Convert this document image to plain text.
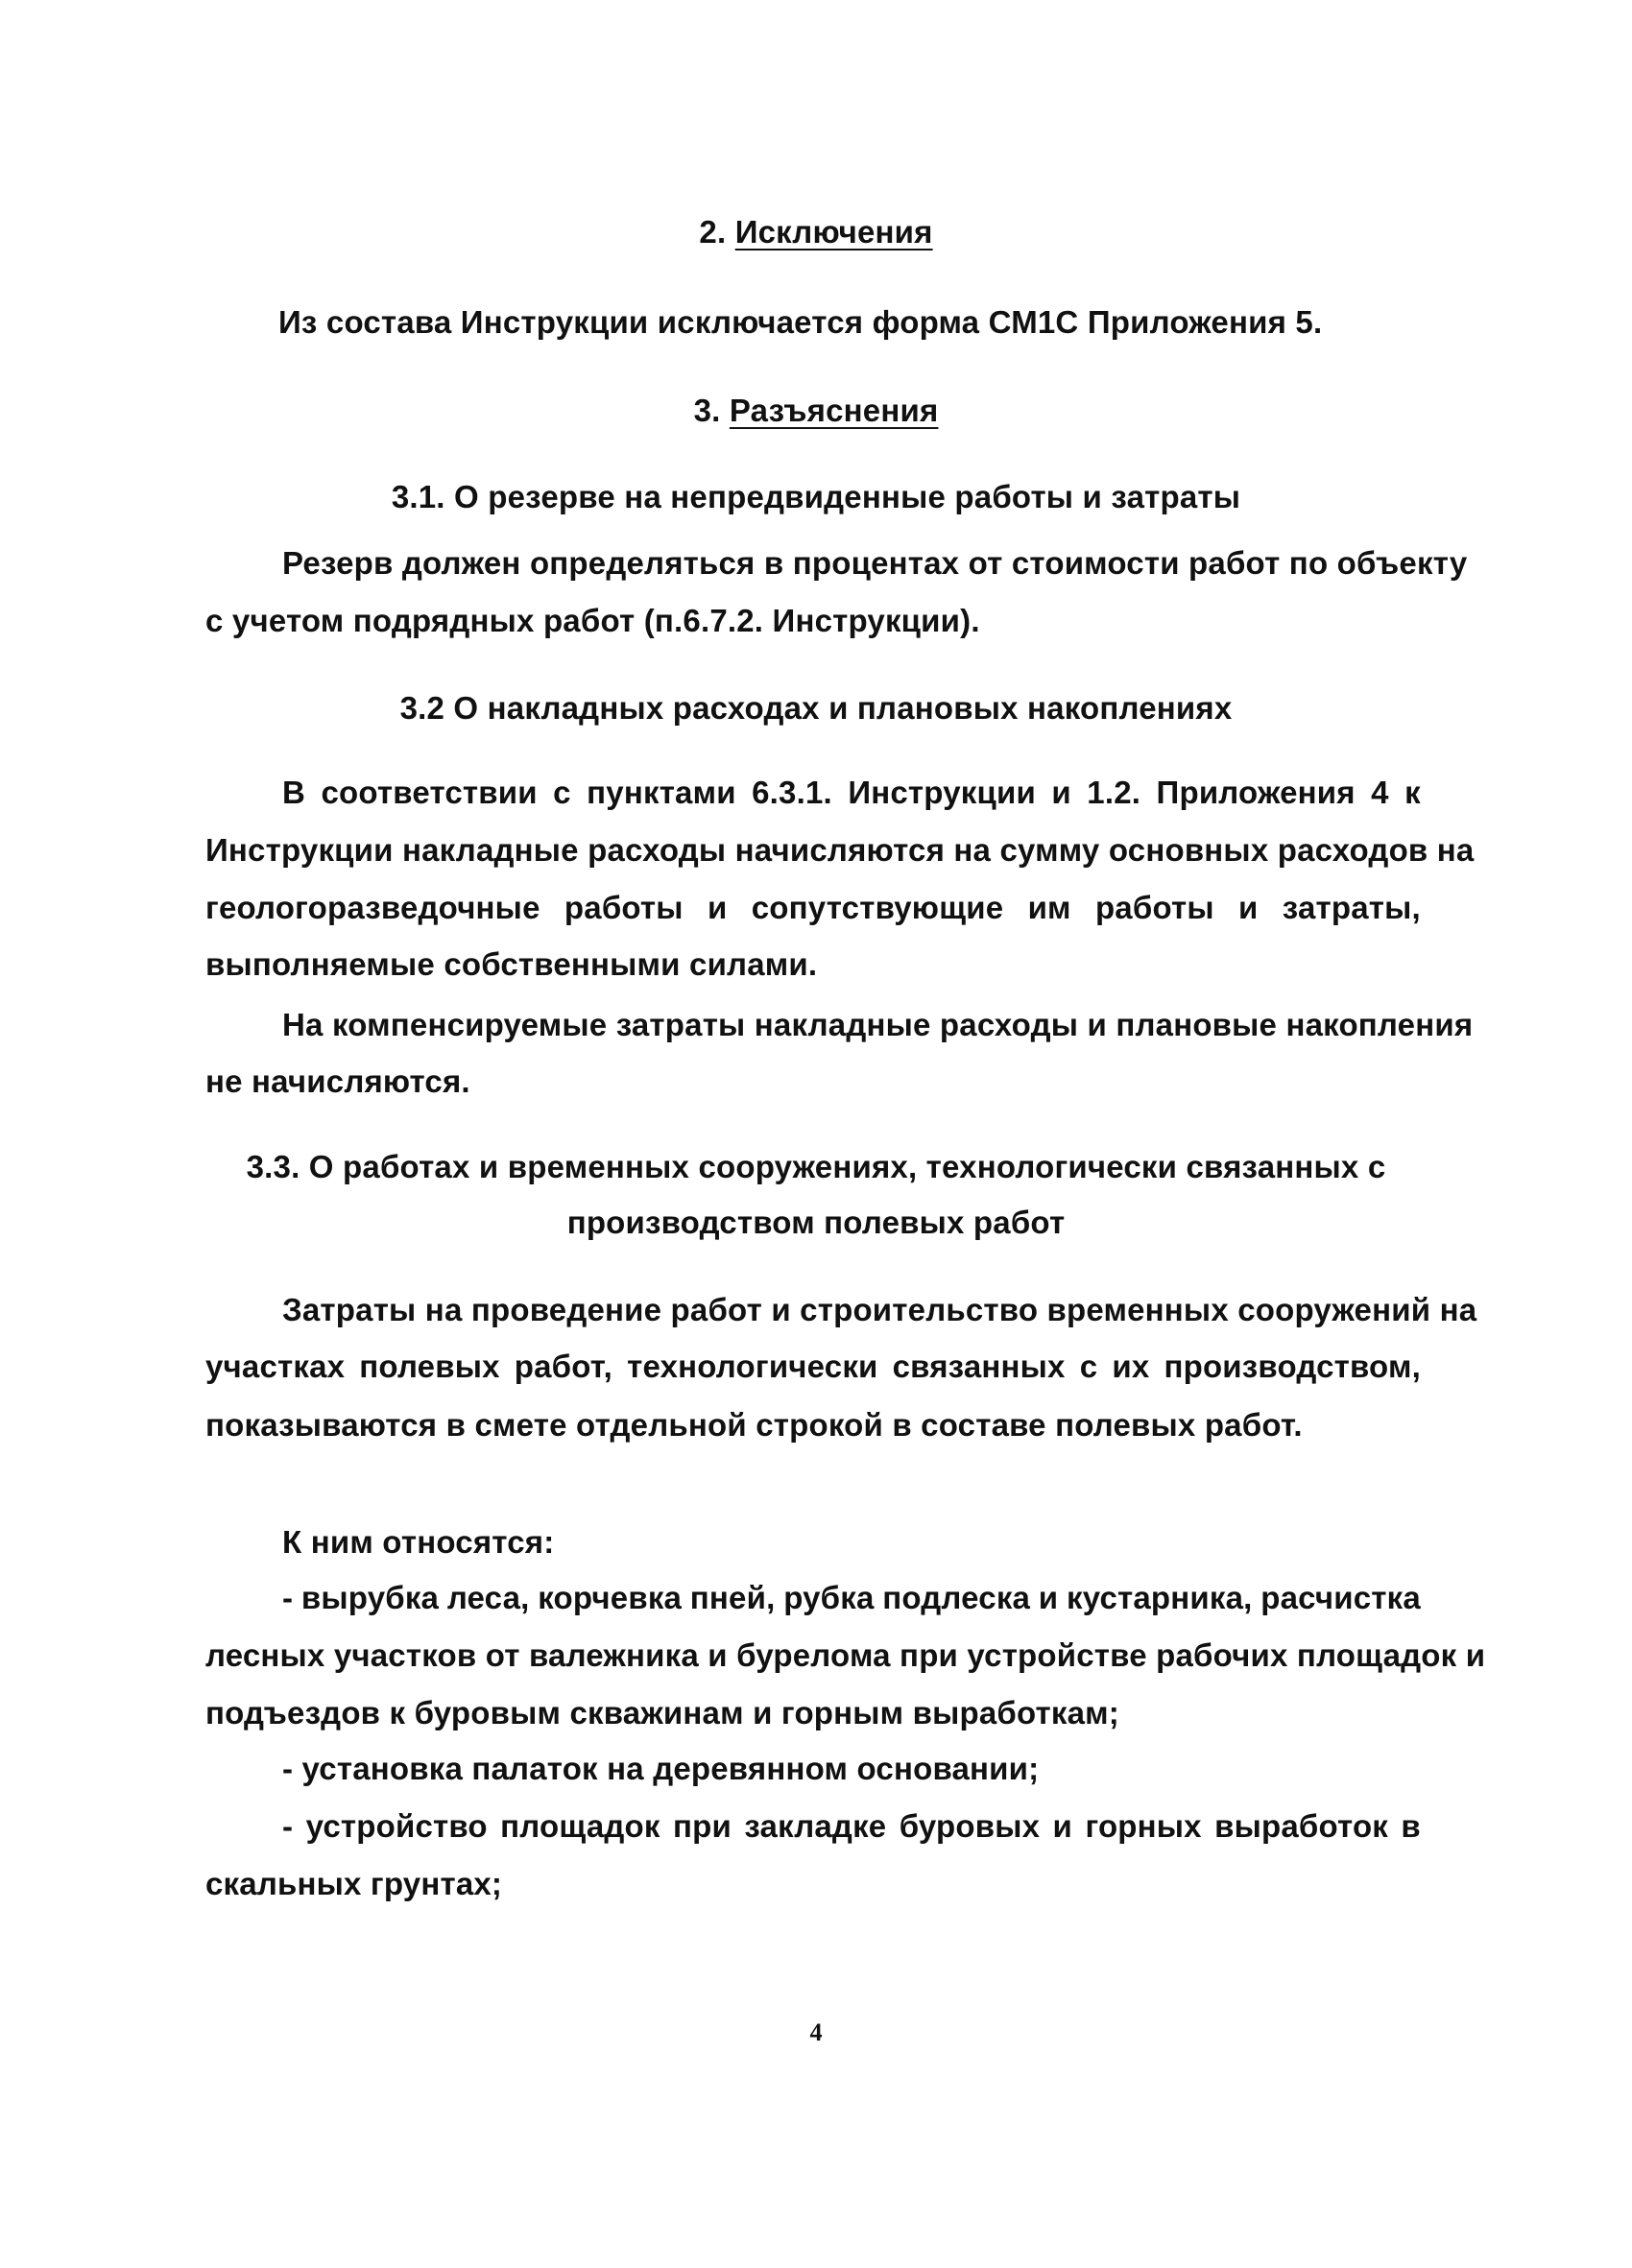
2. Исключения
Из состава Инструкции исключается форма СМ1С Приложения 5.
3. Разъяснения
3.1. О резерве на непредвиденные работы и затраты
Резерв должен определяться в процентах от стоимости работ по объекту
с учетом подрядных работ (п.6.7.2. Инструкции).
3.2 О накладных расходах и плановых накоплениях
В соответствии с пунктами 6.3.1. Инструкции и 1.2. Приложения 4 к
Инструкции накладные расходы начисляются на сумму основных расходов на
геологоразведочные работы и сопутствующие им работы и затраты,
выполняемые собственными силами.
На компенсируемые затраты накладные расходы и плановые накопления
не начисляются.
3.3. О работах и временных сооружениях, технологически связанных с
производством полевых работ
Затраты на проведение работ и строительство временных сооружений на
участках полевых работ, технологически связанных с их производством,
показываются в смете отдельной строкой в составе полевых работ.
К ним относятся:
- вырубка леса, корчевка пней, рубка подлеска и кустарника, расчистка
лесных участков от валежника и бурелома при устройстве рабочих площадок и
подъездов к буровым скважинам и горным выработкам;
- установка палаток на деревянном основании;
- устройство площадок при закладке буровых и горных выработок в
скальных грунтах;
4
